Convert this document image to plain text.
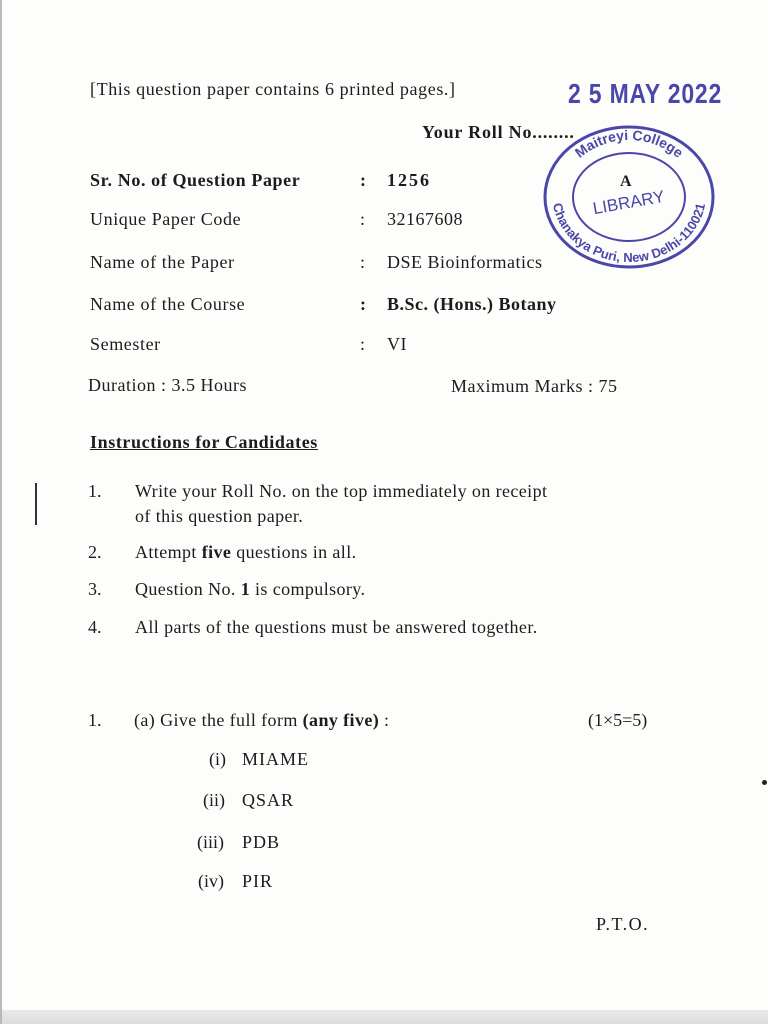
[This question paper contains 6 printed pages.]	2 5 MAY 2022
Your Roll No........
Maitreyi College
Chanakya Puri, New Delhi-110021
A
LIBRARY
Sr. No. of Question Paper	: 1256
Unique Paper Code	: 32167608
Name of the Paper	: DSE Bioinformatics
Name of the Course	: B.Sc. (Hons.) Botany
Semester	: VI
Duration : 3.5 Hours	Maximum Marks : 75
Instructions for Candidates
1. Write your Roll No. on the top immediately on receipt
of this question paper.
2. Attempt five questions in all.
3. Question No. 1 is compulsory.
4. All parts of the questions must be answered together.
1. (a) Give the full form (any five) :	(1×5=5)
(i) MIAME
(ii) QSAR
(iii) PDB
(iv) PIR
P.T.O.
